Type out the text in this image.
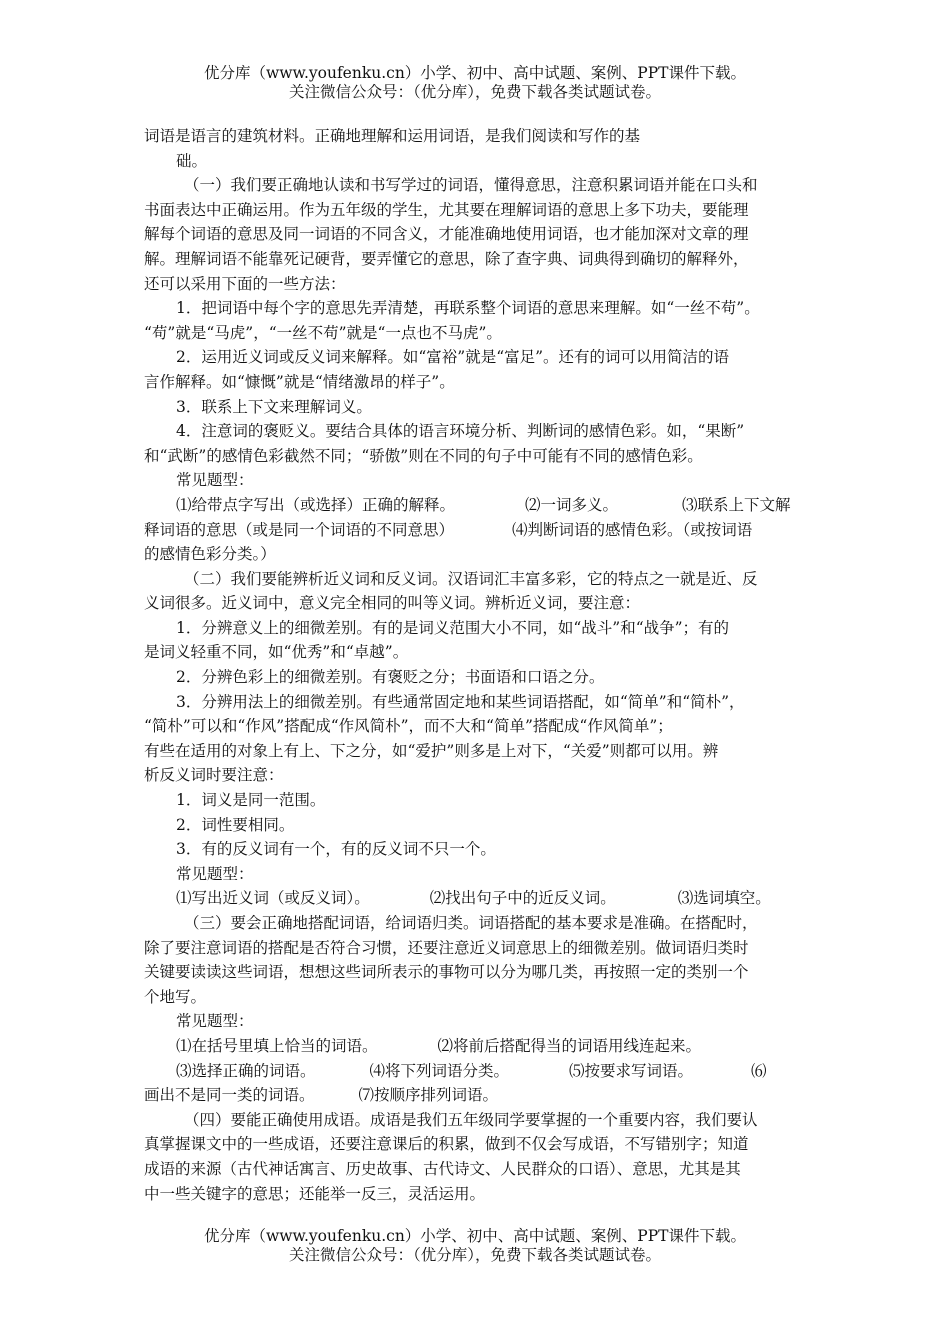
优分库（www.youfenku.cn）小学、初中、高中试题、案例、PPT课件下载。
关注微信公众号：（优分库），免费下载各类试题试卷。

词语是语言的建筑材料。正确地理解和运用词语，是我们阅读和写作的基

础。

（一）我们要正确地认读和书写学过的词语，懂得意思，注意积累词语并能在口头和

书面表达中正确运用。作为五年级的学生，尤其要在理解词语的意思上多下功夫，要能理

解每个词语的意思及同一词语的不同含义，才能准确地使用词语，也才能加深对文章的理

解。理解词语不能靠死记硬背，要弄懂它的意思，除了查字典、词典得到确切的解释外，

还可以采用下面的一些方法：

1．把词语中每个字的意思先弄清楚，再联系整个词语的意思来理解。如“一丝不苟”。

“苟”就是“马虎”，“一丝不苟”就是“一点也不马虎”。

2．运用近义词或反义词来解释。如“富裕”就是“富足”。还有的词可以用简洁的语

言作解释。如“慷慨”就是“情绪激昂的样子”。

3．联系上下文来理解词义。

4．注意词的褒贬义。要结合具体的语言环境分析、判断词的感情色彩。如，“果断”

和“武断”的感情色彩截然不同；“骄傲”则在不同的句子中可能有不同的感情色彩。

常见题型：

⑴给带点字写出（或选择）正确的解释。	⑵一词多义。	⑶联系上下文解

释词语的意思（或是同一个词语的不同意思）	⑷判断词语的感情色彩。（或按词语

的感情色彩分类。）

（二）我们要能辨析近义词和反义词。汉语词汇丰富多彩，它的特点之一就是近、反

义词很多。近义词中，意义完全相同的叫等义词。辨析近义词，要注意：

1．分辨意义上的细微差别。有的是词义范围大小不同，如“战斗”和“战争”；有的

是词义轻重不同，如“优秀”和“卓越”。

2．分辨色彩上的细微差别。有褒贬之分；书面语和口语之分。

3．分辨用法上的细微差别。有些通常固定地和某些词语搭配，如“简单”和“简朴”，

“简朴”可以和“作风”搭配成“作风简朴”，而不大和“简单”搭配成“作风简单”；

有些在适用的对象上有上、下之分，如“爱护”则多是上对下，“关爱”则都可以用。辨

析反义词时要注意：

1．词义是同一范围。

2．词性要相同。

3．有的反义词有一个，有的反义词不只一个。

常见题型：

⑴写出近义词（或反义词）。	⑵找出句子中的近反义词。	⑶选词填空。

（三）要会正确地搭配词语，给词语归类。词语搭配的基本要求是准确。在搭配时，

除了要注意词语的搭配是否符合习惯，还要注意近义词意思上的细微差别。做词语归类时

关键要读读这些词语，想想这些词所表示的事物可以分为哪几类，再按照一定的类别一个

个地写。

常见题型：

⑴在括号里填上恰当的词语。	⑵将前后搭配得当的词语用线连起来。

⑶选择正确的词语。	⑷将下列词语分类。	⑸按要求写词语。	⑹

画出不是同一类的词语。	⑺按顺序排列词语。

（四）要能正确使用成语。成语是我们五年级同学要掌握的一个重要内容，我们要认

真掌握课文中的一些成语，还要注意课后的积累，做到不仅会写成语，不写错别字；知道

成语的来源（古代神话寓言、历史故事、古代诗文、人民群众的口语）、意思，尤其是其

中一些关键字的意思；还能举一反三，灵活运用。

优分库（www.youfenku.cn）小学、初中、高中试题、案例、PPT课件下载。
关注微信公众号：（优分库），免费下载各类试题试卷。
